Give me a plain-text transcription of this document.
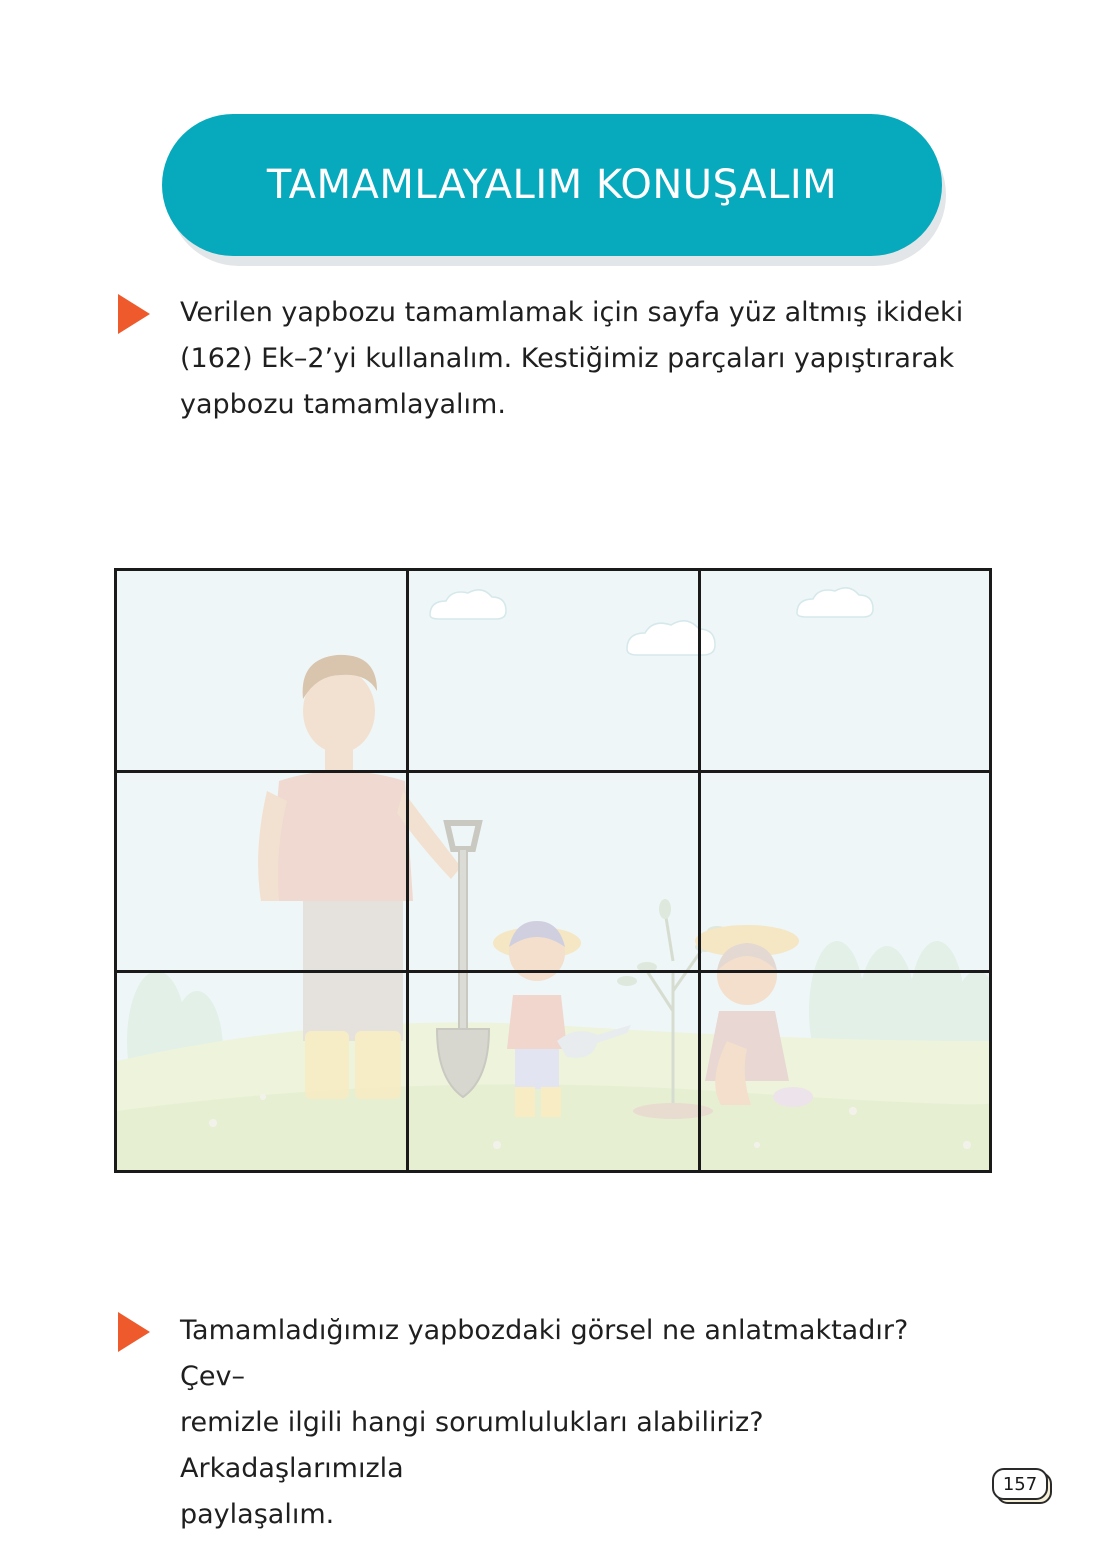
TAMAMLAYALIM KONUŞALIM
Verilen yapbozu tamamlamak için sayfa yüz altmış ikideki
(162) Ek–2’yi kullanalım. Kestiğimiz parçaları yapıştırarak
yapbozu tamamlayalım.
Tamamladığımız yapbozdaki görsel ne anlatmaktadır? Çev–
remizle ilgili hangi sorumlulukları alabiliriz? Arkadaşlarımızla
paylaşalım.
157
